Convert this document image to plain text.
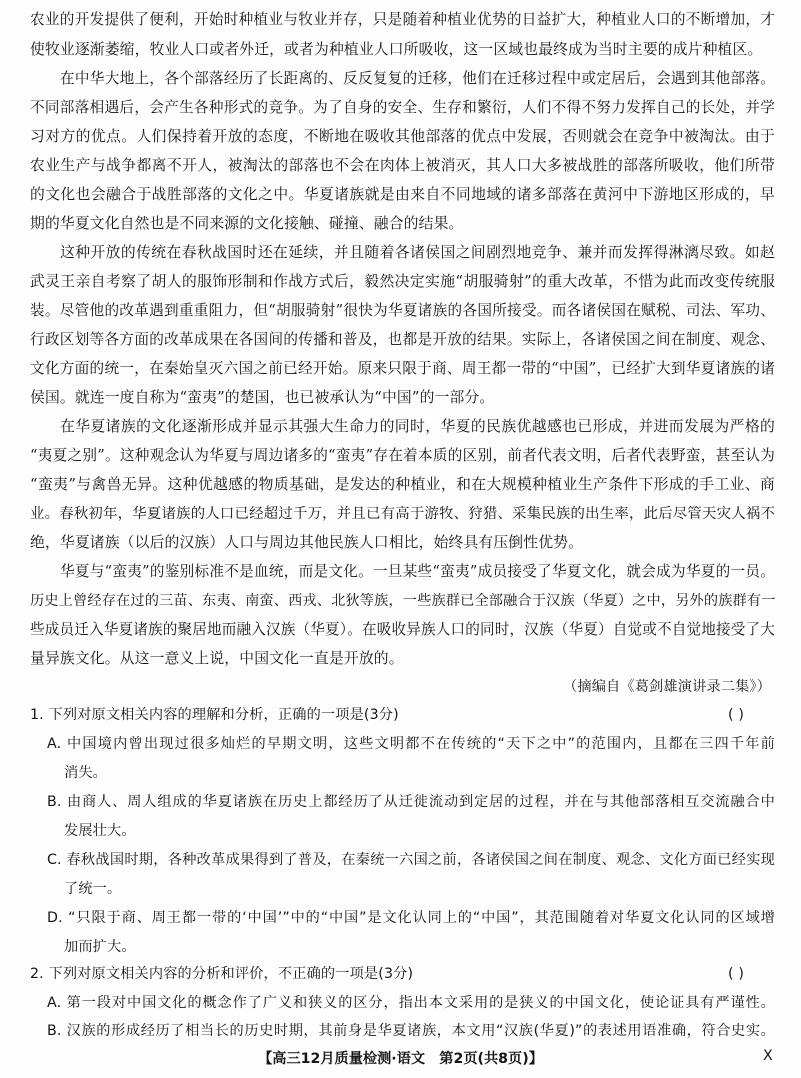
农业的开发提供了便利，开始时种植业与牧业并存，只是随着种植业优势的日益扩大，种植业人口的不断增加，才
使牧业逐渐萎缩，牧业人口或者外迁，或者为种植业人口所吸收，这一区域也最终成为当时主要的成片种植区。
在中华大地上，各个部落经历了长距离的、反反复复的迁移，他们在迁移过程中或定居后，会遇到其他部落。
不同部落相遇后，会产生各种形式的竞争。为了自身的安全、生存和繁衍，人们不得不努力发挥自己的长处，并学
习对方的优点。人们保持着开放的态度，不断地在吸收其他部落的优点中发展，否则就会在竞争中被淘汰。由于
农业生产与战争都离不开人，被淘汰的部落也不会在肉体上被消灭，其人口大多被战胜的部落所吸收，他们所带
的文化也会融合于战胜部落的文化之中。华夏诸族就是由来自不同地域的诸多部落在黄河中下游地区形成的，早
期的华夏文化自然也是不同来源的文化接触、碰撞、融合的结果。
这种开放的传统在春秋战国时还在延续，并且随着各诸侯国之间剧烈地竞争、兼并而发挥得淋漓尽致。如赵
武灵王亲自考察了胡人的服饰形制和作战方式后，毅然决定实施“胡服骑射”的重大改革，不惜为此而改变传统服
装。尽管他的改革遇到重重阻力，但“胡服骑射”很快为华夏诸族的各国所接受。而各诸侯国在赋税、司法、军功、
行政区划等各方面的改革成果在各国间的传播和普及，也都是开放的结果。实际上，各诸侯国之间在制度、观念、
文化方面的统一，在秦始皇灭六国之前已经开始。原来只限于商、周王都一带的“中国”，已经扩大到华夏诸族的诸
侯国。就连一度自称为“蛮夷”的楚国，也已被承认为“中国”的一部分。
在华夏诸族的文化逐渐形成并显示其强大生命力的同时，华夏的民族优越感也已形成，并进而发展为严格的
“夷夏之别”。这种观念认为华夏与周边诸多的“蛮夷”存在着本质的区别，前者代表文明，后者代表野蛮，甚至认为
“蛮夷”与禽兽无异。这种优越感的物质基础，是发达的种植业，和在大规模种植业生产条件下形成的手工业、商
业。春秋初年，华夏诸族的人口已经超过千万，并且已有高于游牧、狩猎、采集民族的出生率，此后尽管天灾人祸不
绝，华夏诸族（以后的汉族）人口与周边其他民族人口相比，始终具有压倒性优势。
华夏与“蛮夷”的鉴别标准不是血统，而是文化。一旦某些“蛮夷”成员接受了华夏文化，就会成为华夏的一员。
历史上曾经存在过的三苗、东夷、南蛮、西戎、北狄等族，一些族群已全部融合于汉族（华夏）之中，另外的族群有一
些成员迁入华夏诸族的聚居地而融入汉族（华夏）。在吸收异族人口的同时，汉族（华夏）自觉或不自觉地接受了大
量异族文化。从这一意义上说，中国文化一直是开放的。
（摘编自《葛剑雄演讲录二集》）
1. 下列对原文相关内容的理解和分析，正确的一项是(3分)	( )
A. 中国境内曾出现过很多灿烂的早期文明，这些文明都不在传统的“天下之中”的范围内，且都在三四千年前
消失。
B. 由商人、周人组成的华夏诸族在历史上都经历了从迁徙流动到定居的过程，并在与其他部落相互交流融合中
发展壮大。
C. 春秋战国时期，各种改革成果得到了普及，在秦统一六国之前，各诸侯国之间在制度、观念、文化方面已经实现
了统一。
D. “只限于商、周王都一带的‘中国’”中的“中国”是文化认同上的“中国”，其范围随着对华夏文化认同的区域增
加而扩大。
2. 下列对原文相关内容的分析和评价，不正确的一项是(3分)	( )
A. 第一段对中国文化的概念作了广义和狭义的区分，指出本文采用的是狭义的中国文化，使论证具有严谨性。
B. 汉族的形成经历了相当长的历史时期，其前身是华夏诸族，本文用“汉族(华夏)”的表述用语准确，符合史实。
【高三12月质量检测·语文　第2页(共8页)】	X
